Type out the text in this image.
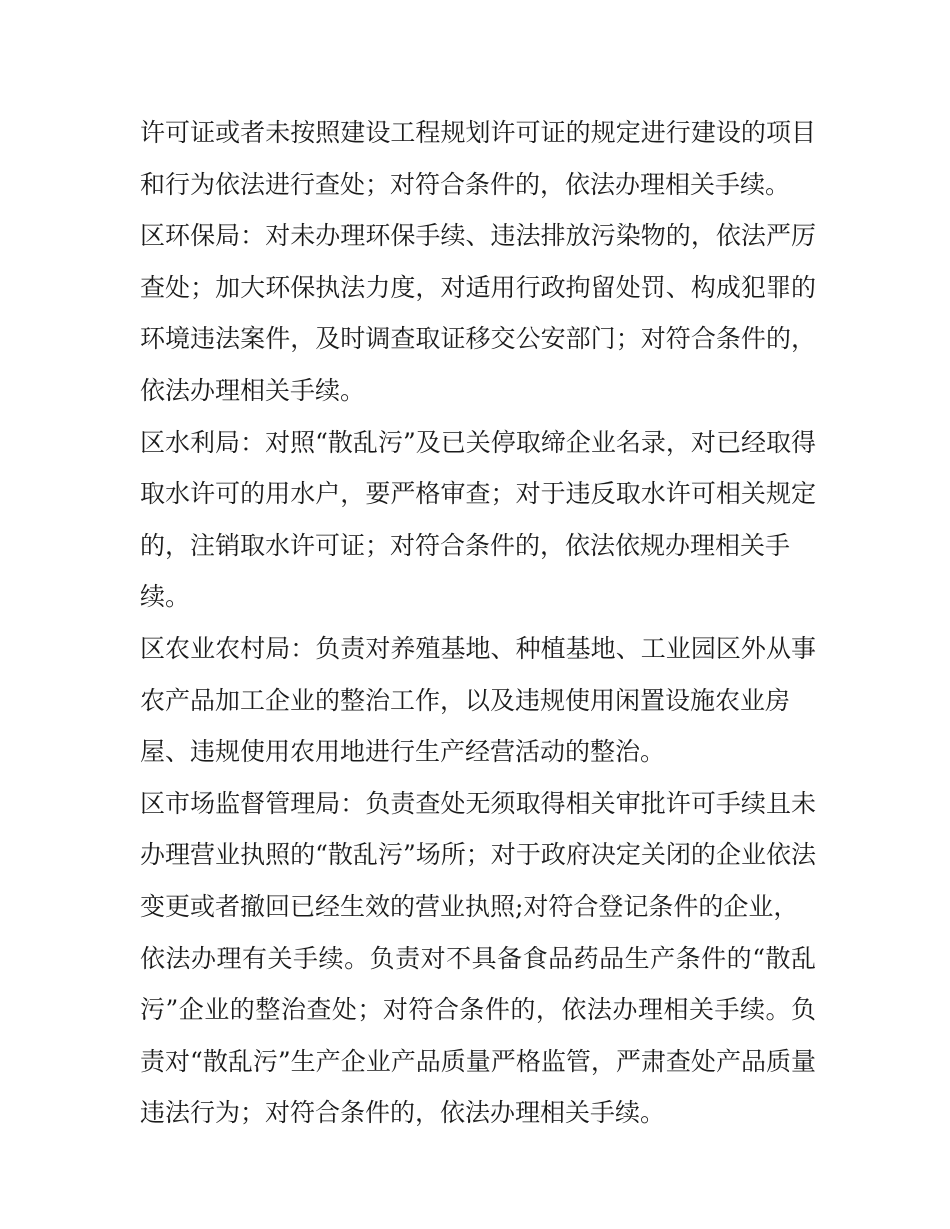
许可证或者未按照建设工程规划许可证的规定进行建设的项目
和行为依法进行查处；对符合条件的，依法办理相关手续。
区环保局：对未办理环保手续、违法排放污染物的，依法严厉
查处；加大环保执法力度，对适用行政拘留处罚、构成犯罪的
环境违法案件，及时调查取证移交公安部门；对符合条件的，
依法办理相关手续。
区水利局：对照“散乱污”及已关停取缔企业名录，对已经取得
取水许可的用水户，要严格审查；对于违反取水许可相关规定
的，注销取水许可证；对符合条件的，依法依规办理相关手
续。
区农业农村局：负责对养殖基地、种植基地、工业园区外从事
农产品加工企业的整治工作，以及违规使用闲置设施农业房
屋、违规使用农用地进行生产经营活动的整治。
区市场监督管理局：负责查处无须取得相关审批许可手续且未
办理营业执照的“散乱污”场所；对于政府决定关闭的企业依法
变更或者撤回已经生效的营业执照;对符合登记条件的企业，
依法办理有关手续。负责对不具备食品药品生产条件的“散乱
污”企业的整治查处；对符合条件的，依法办理相关手续。负
责对“散乱污”生产企业产品质量严格监管，严肃查处产品质量
违法行为；对符合条件的，依法办理相关手续。
